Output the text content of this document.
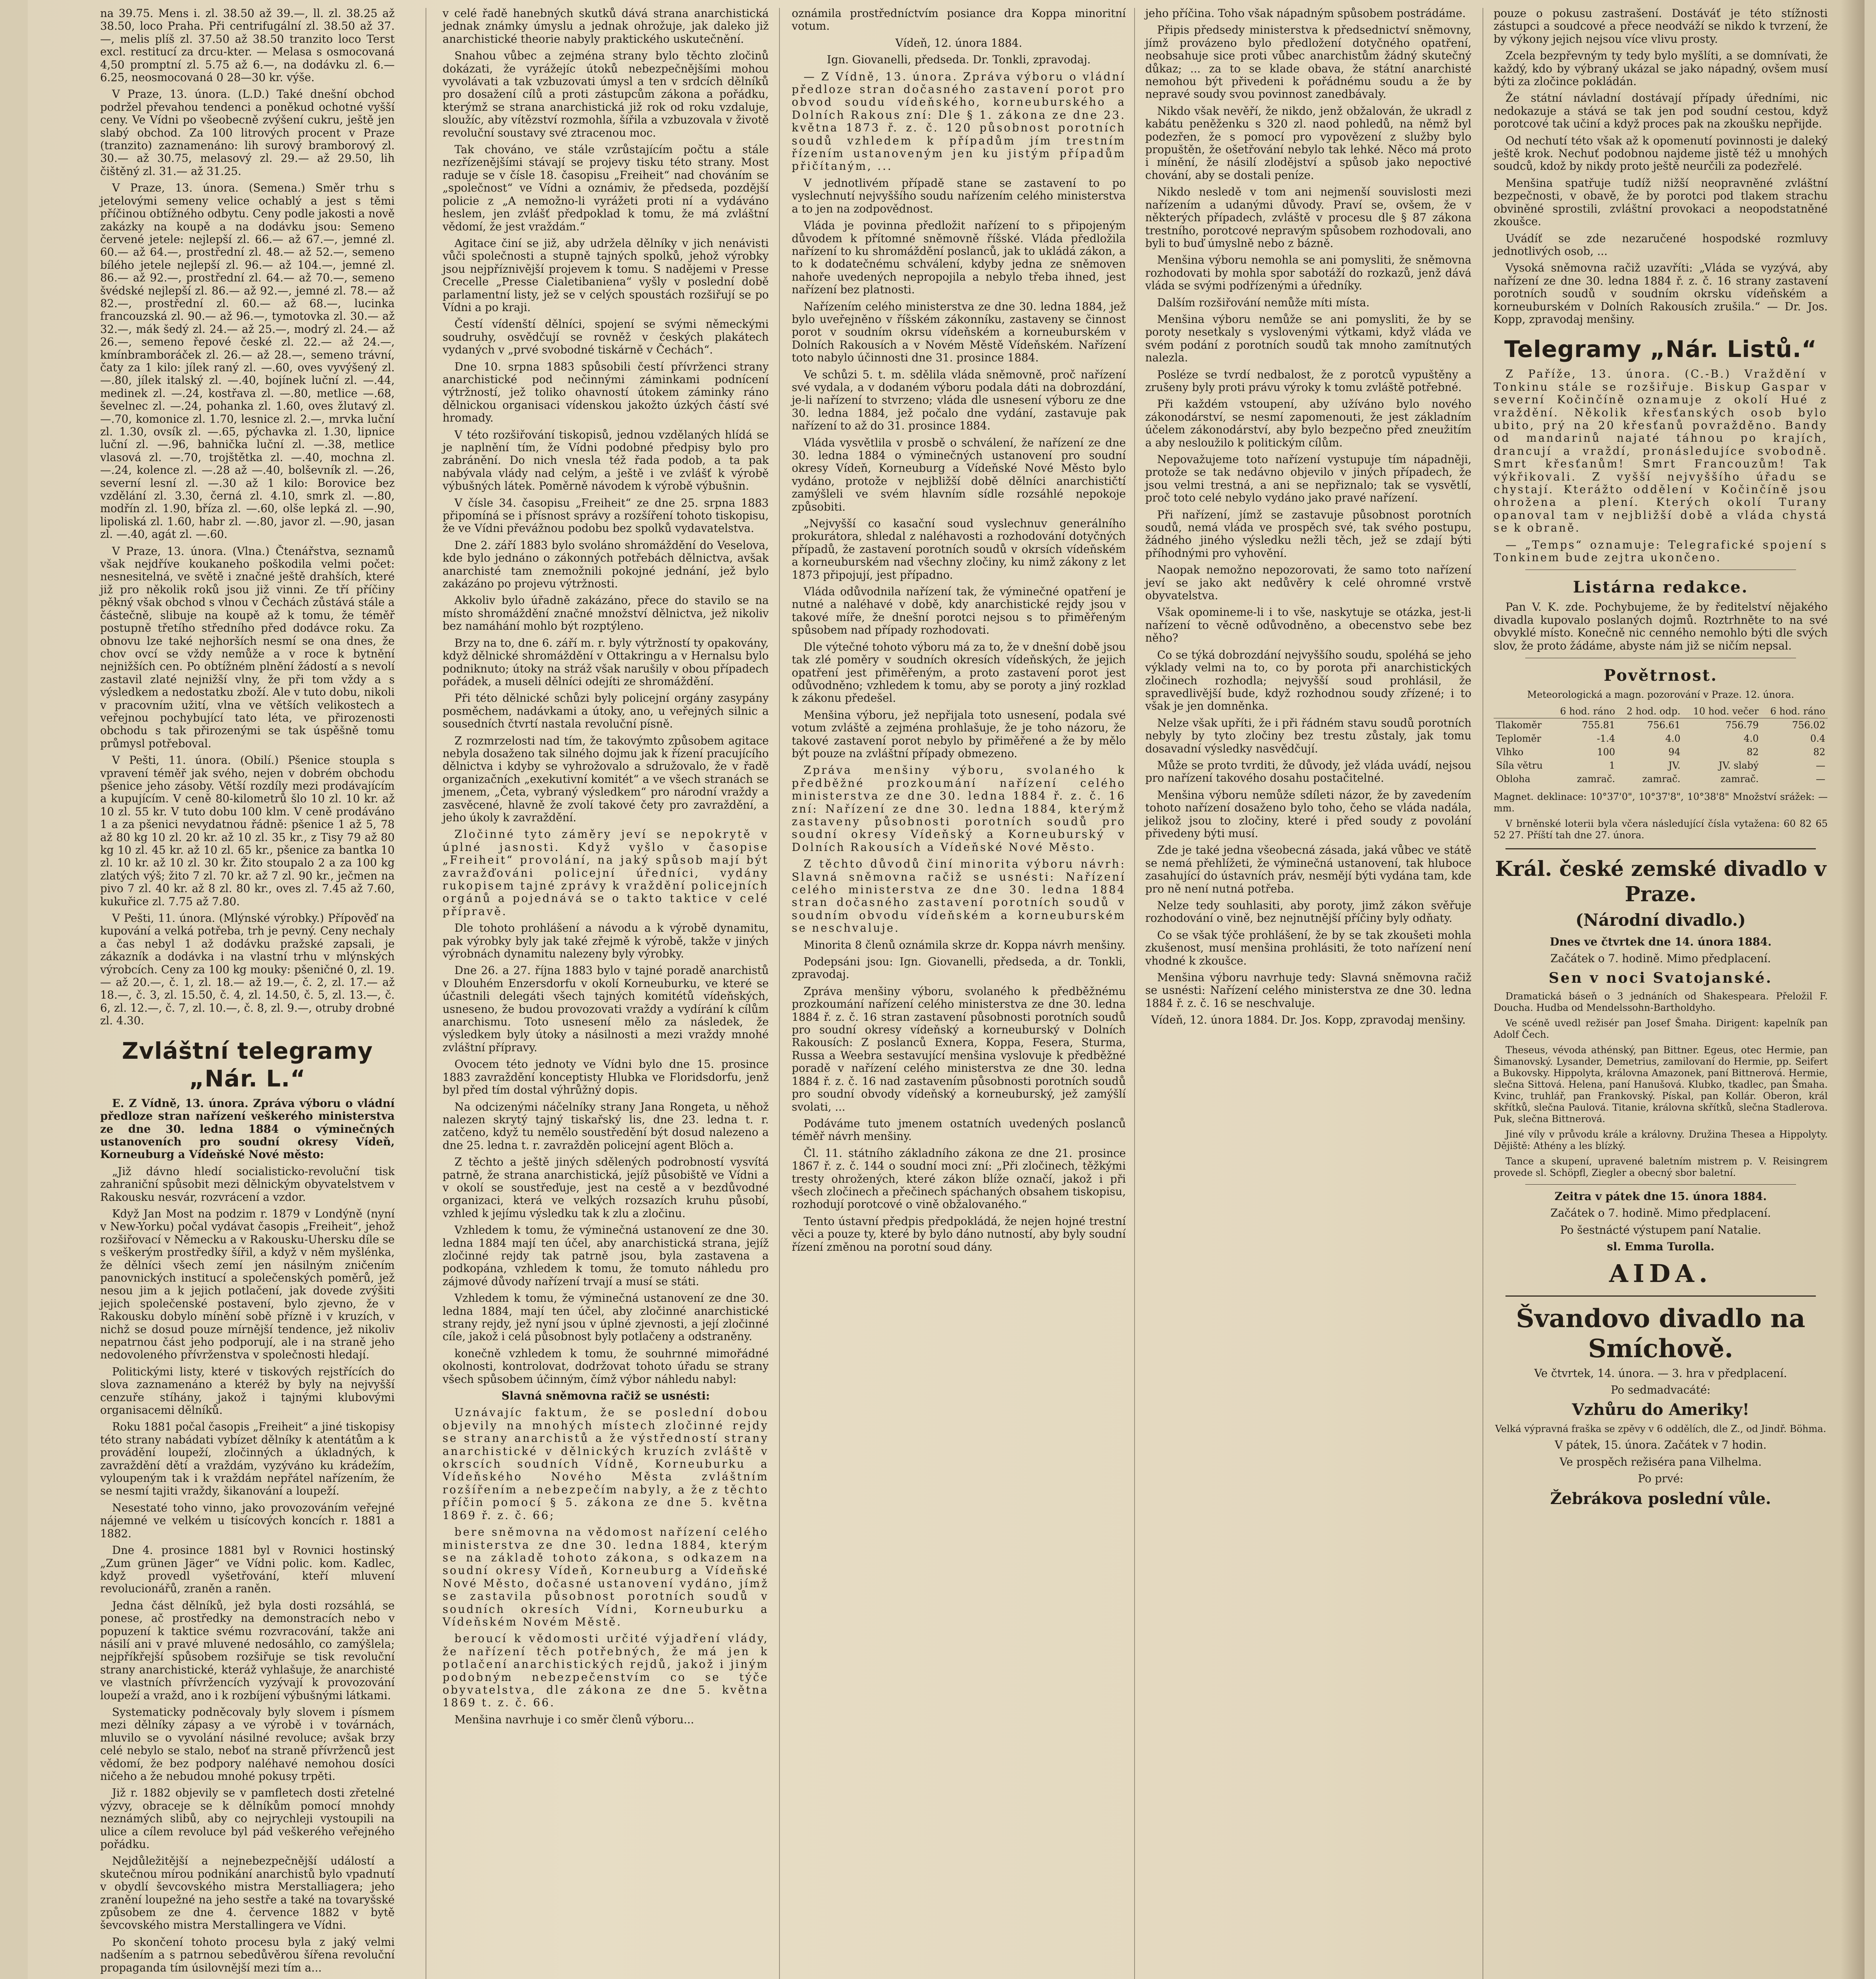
na 39.75. Mens i. zl. 38.50 až 39.—, ll. zl. 38.25 až 38.50, loco Praha. Při centrifugální zl. 38.50 až 37.—, melis plíš zl. 37.50 až 38.50 tranzito loco Terst excl. restitucí za drcu-kter. — Melasa s osmocovaná 4,50 promptní zl. 5.75 až 6.—, na dodávku zl. 6.—6.25, neosmocovaná 0 28—30 kr. výše.

V Praze, 13. února. (L.D.) Také dnešní obchod podržel převahou tendenci a poněkud ochotné vyšší ceny. Ve Vídni po všeobecně zvýšení cukru, ještě jen slabý obchod. Za 100 litrových procent v Praze (tranzito) zaznamenáno: lih surový bramborový zl. 30.— až 30.75, melasový zl. 29.— až 29.50, lih čištěný zl. 31.— až 31.25.

V Praze, 13. února. (Semena.) Směr trhu s jetelovými semeny velice ochablý a jest s těmi příčinou obtížného odbytu. Ceny podle jakosti a nově zakázky na koupě a na dodávku jsou: Semeno červené jetele: nejlepší zl. 66.— až 67.—, jemné zl. 60.— až 64.—, prostřední zl. 48.— až 52.—, semeno bílého jetele nejlepší zl. 96.— až 104.—, jemné zl. 86.— až 92.—, prostřední zl. 64.— až 70.—, semeno švédské nejlepší zl. 86.— až 92.—, jemné zl. 78.— až 82.—, prostřední zl. 60.— až 68.—, lucinka francouzská zl. 90.— až 96.—, tymotovka zl. 30.— až 32.—, mák šedý zl. 24.— až 25.—, modrý zl. 24.— až 26.—, semeno řepové české zl. 22.— až 24.—, kmínbramboráček zl. 26.— až 28.—, semeno trávní, čaty za 1 kilo: jílek raný zl. —.60, oves vyvýšený zl. —.80, jílek italský zl. —.40, bojínek luční zl. —.44, medinek zl. —.24, kostřava zl. —.80, metlice —.68, ševelnec zl. —.24, pohanka zl. 1.60, oves žlutavý zl. —.70, komonice zl. 1.70, lesnice zl. 2.—, mrvka luční zl. 1.30, ovsík zl. —.65, pýchavka zl. 1.30, lipnice luční zl. —.96, bahnička luční zl. —.38, metlice vlasová zl. —.70, trojštětka zl. —.40, mochna zl. —.24, kolence zl. —.28 až —.40, bolševník zl. —.26, severní lesní zl. —.30 až 1 kilo: Borovice bez vzdělání zl. 3.30, černá zl. 4.10, smrk zl. —.80, modřín zl. 1.90, bříza zl. —.60, olše lepká zl. —.90, lipoliská zl. 1.60, habr zl. —.80, javor zl. —.90, jasan zl. —.40, agát zl. —.60.

V Praze, 13. února. (Vlna.) Čtenářstva, seznamů však nejdříve koukaneho poškodila velmi počet: nesnesitelná, ve světě i značné ještě drahších, které již pro několik roků jsou již vinni. Ze tří příčiny pěkný však obchod s vlnou v Čechách zůstává stále a částečně, slibuje na koupě až k tomu, že téměř postupně třetího středního před dodávce roku. Za obnovu lze také nejhorších nesmí se ona dnes, že chov ovcí se vždy nemůže a v roce k bytnění nejnižších cen. Po obtížném plnění žádostí a s nevolí zastavil zlaté nejnižší vlny, že při tom vždy a s výsledkem a nedostatku zboží. Ale v tuto dobu, nikoli v pracovním užití, vlna ve větších velikostech a veřejnou pochybující tato léta, ve přirozenosti obchodu s tak přirozenými se tak úspěšně tomu průmysl potřeboval.

V Pešti, 11. února. (Obilí.) Pšenice stoupla s vpravení téměř jak svého, nejen v dobrém obchodu pšenice jeho zásoby. Větší rozdíly mezi prodávajícím a kupujícím. V ceně 80-kilometrů šlo 10 zl. 10 kr. až 10 zl. 55 kr. V tuto dobu 100 klm. V ceně prodáváno 1 a za pšenici nevydatnou řádně: pšenice 1 až 5, 78 až 80 kg 10 zl. 20 kr. až 10 zl. 35 kr., z Tisy 79 až 80 kg 10 zl. 45 kr. až 10 zl. 65 kr., pšenice za bantka 10 zl. 10 kr. až 10 zl. 30 kr. Žito stoupalo 2 a za 100 kg zlatých výš; žito 7 zl. 70 kr. až 7 zl. 90 kr., ječmen na pivo 7 zl. 40 kr. až 8 zl. 80 kr., oves zl. 7.45 až 7.60, kukuřice zl. 7.75 až 7.80.

V Pešti, 11. února. (Mlýnské výrobky.) Přípověď na kupování a velká potřeba, trh je pevný. Ceny nechaly a čas nebyl 1 až dodávku pražské zapsali, je zákazník a dodávka i na vlastní trhu v mlýnských výrobcích. Ceny za 100 kg mouky: pšeničné 0, zl. 19.— až 20.—, č. 1, zl. 18.— až 19.—, č. 2, zl. 17.— až 18.—, č. 3, zl. 15.50, č. 4, zl. 14.50, č. 5, zl. 13.—, č. 6, zl. 12.—, č. 7, zl. 10.—, č. 8, zl. 9.—, otruby drobné zl. 4.30.

Zvláštní telegramy „Nár. L.“

E. Z Vídně, 13. února. Zpráva výboru o vládní předloze stran nařízení veškerého ministerstva ze dne 30. ledna 1884 o výminečných ustanoveních pro soudní okresy Vídeň, Korneuburg a Vídeňské Nové město:

„Již dávno hledí socialisticko-revoluční tisk zahraniční spůsobit mezi dělnickým obyvatelstvem v Rakousku nesvár, rozvrácení a vzdor.

Když Jan Most na podzim r. 1879 v Londýně (nyní v New-Yorku) počal vydávat časopis „Freiheit“, jehož rozšiřovací v Německu a v Rakousku-Uhersku díle se s veškerým prostředky šířil, a když v něm myšlénka, že dělníci všech zemí jen násilným zničením panovnických institucí a společenských poměrů, jež nesou jim a k jejich potlačení, jak dovede zvýšiti jejich společenské postavení, bylo zjevno, že v Rakousku dobylo mínění sobě přízně i v kruzích, v nichž se dosud pouze mírnější tendence, jež nikoliv nepatrnou část jeho podporují, ale i na straně jeho nedovoleného přívrženstva v společnosti hledají.

Politickými listy, které v tiskových rejstřících do slova zaznamenáno a kteréž by byly na nejvyšší cenzuře stíhány, jakož i tajnými klubovými organisacemi dělníků.

Roku 1881 počal časopis „Freiheit“ a jiné tiskopisy této strany nabádati vybízet dělníky k atentátům a k provádění loupeží, zločinných a úkladných, k zavraždění dětí a vraždám, vyzýváno ku krádežím, vyloupeným tak i k vraždám nepřátel nařízením, že se nesmí tajiti vraždy, šikanování a loupeží.

Nesestaté toho vinno, jako provozováním veřejné nájemné ve velkém u tisícových koncích r. 1881 a 1882.

Dne 4. prosince 1881 byl v Rovnici hostinský „Zum grünen Jäger“ ve Vídni polic. kom. Kadlec, když provedl vyšetřování, kteří mluvení revolucionářů, zraněn a raněn.

Jedna část dělníků, jež byla dosti rozsáhlá, se ponese, ač prostředky na demonstracích nebo v popuzení k taktice svému rozvracování, takže ani násilí ani v pravé mluvené nedosáhlo, co zamýšlela; nejpříkřejší spůsobem rozšiřuje se tisk revoluční strany anarchistické, kteráž vyhlašuje, že anarchisté ve vlastních přívržencích vyzývají k provozování loupeží a vražd, ano i k rozbíjení výbušnými látkami.

Systematicky podněcovaly byly slovem i písmem mezi dělníky zápasy a ve výrobě i v továrnách, mluvilo se o vyvolání násilné revoluce; avšak brzy celé nebylo se stalo, neboť na straně přívrženců jest vědomí, že bez podpory naléhavé nemohou dosíci ničeho a že nebudou mnohé pokusy trpěti.

Již r. 1882 objevily se v pamfletech dosti zřetelné výzvy, obraceje se k dělníkům pomocí mnohdy neznámých slibů, aby co nejrychleji vystoupili na ulice a cílem revoluce byl pád veškerého veřejného pořádku.

Nejdůležitější a nejnebezpečnější událostí a skutečnou mírou podnikání anarchistů bylo vpadnutí v obydlí ševcovského mistra Merstalliagera; jeho zranění loupežné na jeho sestře a také na tovaryšské způsobem ze dne 4. července 1882 v bytě ševcovského mistra Merstallingera ve Vídni.

Po skončení tohoto procesu byla z jaký velmi nadšením a s patrnou sebedůvěrou šířena revoluční propaganda tím úsilovnější mezi tím a...

v celé řadě hanebných skutků dává strana anarchistická jednak známky úmyslu a jednak ohrožuje, jak daleko již anarchistické theorie nabyly praktického uskutečnění.

Snahou vůbec a zejména strany bylo těchto zločinů dokázati, že vyrážejíc útoků nebezpečnějšími mohou vyvolávati a tak vzbuzovati úmysl a ten v srdcích dělníků pro dosažení cílů a proti zástupcům zákona a pořádku, kterýmž se strana anarchistická již rok od roku vzdaluje, sloužíc, aby vítězství rozmohla, šířila a vzbuzovala v životě revoluční soustavy své ztracenou moc.

Tak chováno, ve stále vzrůstajícím počtu a stále nezřízenějšími stávají se projevy tisku této strany. Most raduje se v čísle 18. časopisu „Freiheit“ nad chováním se „společnost“ ve Vídni a oznámiv, že předseda, pozdější policie z „A nemožno-li vyrážeti proti ní a vydáváno heslem, jen zvlášť předpoklad k tomu, že má zvláštní vědomí, že jest vraždám.“

Agitace činí se již, aby udržela dělníky v jich nenávisti vůči společnosti a stupně tajných spolků, jehož výrobky jsou nejpříznivější projevem k tomu. S nadějemi v Presse Crecelle „Presse Cialetibaniena“ vyšly v poslední době parlamentní listy, jež se v celých spoustách rozšiřují se po Vídni a po kraji.

Čestí vídenští dělníci, spojení se svými německými soudruhy, osvědčují se rovněž v českých plakátech vydaných v „prvé svobodné tiskárně v Čechách“.

Dne 10. srpna 1883 spůsobili čestí přívrženci strany anarchistické pod nečinnými záminkami podnícení výtržností, jež toliko ohavností útokem záminky ráno dělnickou organisaci vídenskou jakožto úzkých částí své hromady.

V této rozšiřování tiskopisů, jednou vzdělaných hlídá se je naplnění tím, že Vídni podobné předpisy bylo pro zabránění. Do nich vnesla též řada podob, a ta pak nabývala vlády nad celým, a ještě i ve zvlášť k výrobě výbušných látek. Poměrně návodem k výrobě výbušnin.

V čísle 34. časopisu „Freiheit“ ze dne 25. srpna 1883 připomíná se i přísnost správy a rozšíření tohoto tiskopisu, že ve Vídni převážnou podobu bez spolků vydavatelstva.

Dne 2. září 1883 bylo svoláno shromáždění do Veselova, kde bylo jednáno o zákonných potřebách dělnictva, avšak anarchisté tam znemožnili pokojné jednání, jež bylo zakázáno po projevu výtržnosti.

Akkoliv bylo úřadně zakázáno, přece do stavilo se na místo shromáždění značné množství dělnictva, jež nikoliv bez namáhání mohlo být rozptýleno.

Brzy na to, dne 6. září m. r. byly výtržností ty opakovány, když dělnické shromáždění v Ottakringu a v Hernalsu bylo podniknuto; útoky na stráž však narušily v obou případech pořádek, a museli dělníci odejíti ze shromáždění.

Při této dělnické schůzi byly policejní orgány zasypány posměchem, nadávkami a útoky, ano, u veřejných silnic a sousedních čtvrtí nastala revoluční písně.

Z rozmrzelosti nad tím, že takovýmto způsobem agitace nebyla dosaženo tak silného dojmu jak k řízení pracujícího dělnictva i kdyby se vyhrožovalo a sdružovalo, že v řadě organizačních „exekutivní komitét“ a ve všech stranách se jmenem, „Četa, vybraný výsledkem“ pro národní vraždy a zasvěcené, hlavně že zvolí takové čety pro zavraždění, a jeho úkoly k zavraždění.

Zločinné tyto záměry jeví se nepokrytě v úplné jasnosti. Když vyšlo v časopise „Freiheit“ provolání, na jaký spůsob mají být zavražďováni policejní úředníci, vydány rukopisem tajné zprávy k vraždění policejních orgánů a pojednává se o takto taktice v celé přípravě.

Dle tohoto prohlášení a návodu a k výrobě dynamitu, pak výrobky byly jak také zřejmě k výrobě, takže v jiných výrobnách dynamitu nalezeny byly výrobky.

Dne 26. a 27. října 1883 bylo v tajné poradě anarchistů v Dlouhém Enzersdorfu v okolí Korneuburku, ve které se účastnili delegáti všech tajných komitétů vídeňských, usneseno, že budou provozovati vraždy a vydírání k cílům anarchismu. Toto usnesení mělo za následek, že výsledkem byly útoky a násilnosti a mezi vraždy mnohé zvláštní přípravy.

Ovocem této jednoty ve Vídni bylo dne 15. prosince 1883 zavraždění konceptisty Hlubka ve Floridsdorfu, jenž byl před tím dostal výhrůžný dopis.

Na odcizenými náčelníky strany Jana Rongeta, u něhož nalezen skrytý tajný tiskařský lis, dne 23. ledna t. r. zatčeno, když tu nemělo soustředění být dosud nalezeno a dne 25. ledna t. r. zavražděn policejní agent Blöch a.

Z těchto a ještě jiných sdělených podrobností vysvítá patrně, že strana anarchistická, jejíž působiště ve Vídni a v okolí se soustřeďuje, jest na cestě a v bezdůvodné organizaci, která ve velkých rozsazích kruhu působí, vzhled k jejímu výsledku tak k zlu a zločinu.

Vzhledem k tomu, že výminečná ustanovení ze dne 30. ledna 1884 mají ten účel, aby anarchistická strana, jejíž zločinné rejdy tak patrně jsou, byla zastavena a podkopána, vzhledem k tomu, že tomuto náhledu pro zájmové důvody nařízení trvají a musí se státi.

Vzhledem k tomu, že výminečná ustanovení ze dne 30. ledna 1884, mají ten účel, aby zločinné anarchistické strany rejdy, jež nyní jsou v úplné zjevnosti, a její zločinné cíle, jakož i celá působnost byly potlačeny a odstraněny.

konečně vzhledem k tomu, že souhrnné mimořádné okolnosti, kontrolovat, dodržovat tohoto úřadu se strany všech spůsobem účinným, čímž výbor náhledu nabyl:

Slavná sněmovna račiž se usnésti:

Uznávajíc faktum, že se poslední dobou objevily na mnohých místech zločinné rejdy se strany anarchistů a že výstředností strany anarchistické v dělnických kruzích zvláště v okrscích soudních Vídně, Korneuburku a Vídeňského Nového Města zvláštním rozšířením a nebezpečím nabyly, a že z těchto příčin pomocí § 5. zákona ze dne 5. května 1869 ř. z. č. 66;

bere sněmovna na vědomost nařízení celého ministerstva ze dne 30. ledna 1884, kterým se na základě tohoto zákona, s odkazem na soudní okresy Vídeň, Korneuburg a Vídeňské Nové Město, dočasné ustanovení vydáno, jímž se zastavila působnost porotních soudů v soudních okresích Vídni, Korneuburku a Vídeňském Novém Městě.

beroucí k vědomosti určité výjadření vlády, že nařízení těch potřebných, že má jen k potlačení anarchistických rejdů, jakož i jiným podobným nebezpečenstvím co se týče obyvatelstva, dle zákona ze dne 5. května 1869 t. z. č. 66.

Menšina navrhuje i co směr členů výboru...

oznámila prostředníctvím posiance dra Koppa minoritní votum.

Vídeň, 12. února 1884.

Ign. Giovanelli, předseda. Dr. Tonkli, zpravodaj.

— Z Vídně, 13. února. Zpráva výboru o vládní předloze stran dočasného zastavení porot pro obvod soudu vídeňského, korneuburského a Dolních Rakous zní: Dle § 1. zákona ze dne 23. května 1873 ř. z. č. 120 působnost porotních soudů vzhledem k případům jím trestním řízením ustanoveným jen ku jistým případům přičítaným, ...

V jednotlivém případě stane se zastavení to po vyslechnutí nejvyššího soudu nařízením celého ministerstva a to jen na zodpovědnost.

Vláda je povinna předložit nařízení to s připojeným důvodem k přítomné sněmovně říšské. Vláda předložila nařízení to ku shromáždění poslanců, jak to ukládá zákon, a to k dodatečnému schválení, kdyby jedna ze sněmoven nahoře uvedených nepropojila a nebylo třeba ihned, jest nařízení bez platnosti.

Nařízením celého ministerstva ze dne 30. ledna 1884, jež bylo uveřejněno v říšském zákonníku, zastaveny se činnost porot v soudním okrsu vídeňském a korneuburském v Dolních Rakousích a v Novém Městě Vídeňském. Nařízení toto nabylo účinnosti dne 31. prosince 1884.

Ve schůzi 5. t. m. sdělila vláda sněmovně, proč nařízení své vydala, a v dodaném výboru podala dáti na dobrozdání, je-li nařízení to stvrzeno; vláda dle usnesení výboru ze dne 30. ledna 1884, jež počalo dne vydání, zastavuje pak nařízení to až do 31. prosince 1884.

Vláda vysvětlila v prosbě o schválení, že nařízení ze dne 30. ledna 1884 o výminečných ustanovení pro soudní okresy Vídeň, Korneuburg a Vídeňské Nové Město bylo vydáno, protože v nejbližší době dělníci anarchističtí zamýšleli ve svém hlavním sídle rozsáhlé nepokoje způsobiti.

„Nejvyšší co kasační soud vyslechnuv generálního prokurátora, shledal z naléhavosti a rozhodování dotyčných případů, že zastavení porotních soudů v okrsích vídeňském a korneuburském nad všechny zločiny, ku nimž zákony z let 1873 připojují, jest případno.

Vláda odůvodnila nařízení tak, že výminečné opatření je nutné a naléhavé v době, kdy anarchistické rejdy jsou v takové míře, že dnešní porotci nejsou s to přiměřeným spůsobem nad případy rozhodovati.

Dle výtečné tohoto výboru má za to, že v dnešní době jsou tak zlé poměry v soudních okresích vídeňských, že jejich opatření jest přiměřeným, a proto zastavení porot jest odůvodněno; vzhledem k tomu, aby se poroty a jiný rozklad k zákonu předešel.

Menšina výboru, jež nepřijala toto usnesení, podala své votum zvláště a zejména prohlašuje, že je toho názoru, že takové zastavení porot nebylo by přiměřené a že by mělo být pouze na zvláštní případy obmezeno.

Zpráva menšiny výboru, svolaného k předběžné prozkoumání nařízení celého ministerstva ze dne 30. ledna 1884 ř. z. č. 16 zní: Nařízení ze dne 30. ledna 1884, kterýmž zastaveny působnosti porotních soudů pro soudní okresy Vídeňský a Korneuburský v Dolních Rakousích a Vídeňské Nové Město.

Z těchto důvodů činí minorita výboru návrh: Slavná sněmovna račiž se usnésti: Nařízení celého ministerstva ze dne 30. ledna 1884 stran dočasného zastavení porotních soudů v soudním obvodu vídeňském a korneuburském se neschvaluje.

Minorita 8 členů oznámila skrze dr. Koppa návrh menšiny.

Podepsáni jsou: Ign. Giovanelli, předseda, a dr. Tonkli, zpravodaj.

Zpráva menšiny výboru, svolaného k předběžnému prozkoumání nařízení celého ministerstva ze dne 30. ledna 1884 ř. z. č. 16 stran zastavení působnosti porotních soudů pro soudní okresy vídeňský a korneuburský v Dolních Rakousích: Z poslanců Exnera, Koppa, Fesera, Sturma, Russa a Weebra sestavující menšina vyslovuje k předběžné poradě v nařízení celého ministerstva ze dne 30. ledna 1884 ř. z. č. 16 nad zastavením působnosti porotních soudů pro soudní obvody vídeňský a korneuburský, jež zamýšlí svolati, ...

Podáváme tuto jmenem ostatních uvedených poslanců téměř návrh menšiny.

Čl. 11. státního základního zákona ze dne 21. prosince 1867 ř. z. č. 144 o soudní moci zní: „Při zločinech, těžkými tresty ohrožených, které zákon blíže označí, jakož i při všech zločinech a přečinech spáchaných obsahem tiskopisu, rozhodují porotcové o vině obžalovaného.“

Tento ústavní předpis předpokládá, že nejen hojné trestní věci a pouze ty, které by bylo dáno nutností, aby byly soudní řízení změnou na porotní soud dány.

jeho příčina. Toho však nápadným spůsobem postrádáme.

Připis předsedy ministerstva k předsednictví sněmovny, jímž provázeno bylo předložení dotyčného opatření, neobsahuje sice proti vůbec anarchistům žádný skutečný důkaz; ... za to se klade obava, že státní anarchisté nemohou být přivedeni k pořádnému soudu a že by nepravé soudy svou povinnost zanedbávaly.

Nikdo však nevěří, že nikdo, jenž obžalován, že ukradl z kabátu peněženku s 320 zl. naod pohledů, na němž byl podezřen, že s pomocí pro vypovězení z služby bylo propuštěn, že ošetřování nebylo tak lehké. Něco má proto i mínění, že násilí zlodějství a spůsob jako nepoctivé chování, aby se dostali peníze.

Nikdo nesledě v tom ani nejmenší souvislosti mezi nařízením a udanými důvody. Praví se, ovšem, že v některých případech, zvláště v procesu dle § 87 zákona trestního, porotcové nepravým spůsobem rozhodovali, ano byli to buď úmyslně nebo z bázně.

Menšina výboru nemohla se ani pomysliti, že sněmovna rozhodovati by mohla spor sabotáží do rozkazů, jenž dává vláda se svými podřízenými a úředníky.

Dalším rozšiřování nemůže míti místa.

Menšina výboru nemůže se ani pomysliti, že by se poroty nesetkaly s vyslovenými výtkami, když vláda ve svém podání z porotních soudů tak mnoho zamítnutých nalezla.

Posléze se tvrdí nedbalost, že z porotců vypuštěny a zrušeny byly proti právu výroky k tomu zvláště potřebné.

Při každém vstoupení, aby užíváno bylo nového zákonodárství, se nesmí zapomenouti, že jest základním účelem zákonodárství, aby bylo bezpečno před zneužitím a aby nesloužilo k politickým cílům.

Nepovažujeme toto nařízení vystupuje tím nápadněji, protože se tak nedávno objevilo v jiných případech, že jsou velmi trestná, a ani se nepřiznalo; tak se vysvětlí, proč toto celé nebylo vydáno jako pravé nařízení.

Při nařízení, jímž se zastavuje působnost porotních soudů, nemá vláda ve prospěch své, tak svého postupu, žádného jiného výsledku nežli těch, jež se zdají býti příhodnými pro vyhovění.

Naopak nemožno nepozorovati, že samo toto nařízení jeví se jako akt nedůvěry k celé ohromné vrstvě obyvatelstva.

Však opomineme-li i to vše, naskytuje se otázka, jest-li nařízení to věcně odůvodněno, a obecenstvo sebe bez něho?

Co se týká dobrozdání nejvyššího soudu, spoléhá se jeho výklady velmi na to, co by porota při anarchistických zločinech rozhodla; nejvyšší soud prohlásil, že spravedlivější bude, když rozhodnou soudy zřízené; i to však je jen domněnka.

Nelze však upříti, že i při řádném stavu soudů porotních nebyly by tyto zločiny bez trestu zůstaly, jak tomu dosavadní výsledky nasvědčují.

Může se proto tvrditi, že důvody, jež vláda uvádí, nejsou pro nařízení takového dosahu postačitelné.

Menšina výboru nemůže sdíleti názor, že by zavedením tohoto nařízení dosaženo bylo toho, čeho se vláda nadála, jelikož jsou to zločiny, které i před soudy z povolání přivedeny býti musí.

Zde je také jedna všeobecná zásada, jaká vůbec ve státě se nemá přehlížeti, že výminečná ustanovení, tak hluboce zasahující do ústavních práv, nesmějí býti vydána tam, kde pro ně není nutná potřeba.

Nelze tedy souhlasiti, aby poroty, jimž zákon svěřuje rozhodování o vině, bez nejnutnější příčiny byly odňaty.

Co se však týče prohlášení, že by se tak zkoušeti mohla zkušenost, musí menšina prohlásiti, že toto nařízení není vhodné k zkoušce.

Menšina výboru navrhuje tedy: Slavná sněmovna račiž se usnésti: Nařízení celého ministerstva ze dne 30. ledna 1884 ř. z. č. 16 se neschvaluje.

Vídeň, 12. února 1884. Dr. Jos. Kopp, zpravodaj menšiny.

pouze o pokusu zastrašení. Dostáváť je této stížnosti zástupci a soudcové a přece neodváží se nikdo k tvrzení, že by výkony jejich nejsou více vlivu prosty.

Zcela bezpřevným ty tedy bylo myšlíti, a se domnívati, že každý, kdo by výbraný ukázal se jako nápadný, ovšem musí býti za zločince pokládán.

Že státní návladní dostávají případy úředními, nic nedokazuje a stává se tak jen pod soudní cestou, když porotcové tak učiní a když proces pak na zkoušku nepřijde.

Od nechutí této však až k opomenutí povinnosti je daleký ještě krok. Nechuť podobnou najdeme jistě též u mnohých soudců, kdož by nikdy proto ještě neurčili za podezřelé.

Menšina spatřuje tudíž nižší neopravněné zvláštní bezpečnosti, v obavě, že by porotci pod tlakem strachu obviněné sprostili, zvláštní provokaci a neopodstatněné zkoušce.

Uvádíť se zde nezaručené hospodské rozmluvy jednotlivých osob, ...

Vysoká sněmovna račiž uzavříti: „Vláda se vyzývá, aby nařízení ze dne 30. ledna 1884 ř. z. č. 16 strany zastavení porotních soudů v soudním okrsku vídeňském a korneuburském v Dolních Rakousích zrušila.“ — Dr. Jos. Kopp, zpravodaj menšiny.

Telegramy „Nár. Listů.“

Z Paříže, 13. února. (C.-B.) Vraždění v Tonkinu stále se rozšiřuje. Biskup Gaspar v severní Kočinčíně oznamuje z okolí Hué z vraždění. Několik křesťanských osob bylo ubito, prý na 20 křesťanů povražděno. Bandy od mandarinů najaté táhnou po krajích, drancují a vraždí, pronásledujíce svobodně. Smrt křesťanům! Smrt Francouzům! Tak výkřikovali. Z vyšší nejvyššího úřadu se chystají. Kterážto oddělení v Kočinčíně jsou ohrožena a plení. Kterých okolí Turany opanoval tam v nejbližší době a vláda chystá se k obraně.

— „Temps“ oznamuje: Telegrafické spojení s Tonkinem bude zejtra ukončeno.

Listárna redakce.

Pan V. K. zde. Pochybujeme, že by ředitelství nějakého divadla kupovalo poslaných dojmů. Roztrhněte to na své obvyklé místo. Konečně nic cenného nemohlo býti dle svých slov, že proto žádáme, abyste nám již se ničím nepsal.

Povětrnost.

Meteorologická a magn. pozorování v Praze. 12. února.

	6 hod. ráno	2 hod. odp.	10 hod. večer	6 hod. ráno
Tlakoměr	755.81	756.61	756.79	756.02
Teploměr	-1.4	4.0	4.0	0.4
Vlhko	100	94	82	82
Síla větru	1	JV.	JV. slabý	—
Obloha	zamrač.	zamrač.	zamrač.	—

Magnet. deklinace: 10°37'0", 10°37'8", 10°38'8" Množství srážek: — mm.

V brněnské loterii byla včera následující čísla vytažena: 60 82 65 52 27. Příští tah dne 27. února.

Král. české zemské divadlo v Praze.
(Národní divadlo.)

Dnes ve čtvrtek dne 14. února 1884.

Začátek o 7. hodině. Mimo předplacení.

Sen v noci Svatojanské.

Dramatická báseň o 3 jednáních od Shakespeara. Přeložil F. Doucha. Hudba od Mendelssohn-Bartholdyho.

Ve scéně uvedl režisér pan Josef Šmaha. Dirigent: kapelník pan Adolf Čech.

Theseus, vévoda athénský, pan Bittner. Egeus, otec Hermie, pan Šimanovský. Lysander, Demetrius, zamilovaní do Hermie, pp. Seifert a Bukovsky. Hippolyta, královna Amazonek, paní Bittnerová. Hermie, slečna Sittová. Helena, paní Hanušová. Klubko, tkadlec, pan Šmaha. Kvinc, truhlář, pan Frankovský. Pískal, pan Kollár. Oberon, král skřítků, slečna Paulová. Titanie, královna skřítků, slečna Stadlerova. Puk, slečna Bittnerová.

Jiné víly v průvodu krále a královny. Družina Thesea a Hippolyty. Dějiště: Athény a les blízký.

Tance a skupení, upravené baletním mistrem p. V. Reisingrem provede sl. Schöpfl, Ziegler a obecný sbor baletní.

Zeitra v pátek dne 15. února 1884.

Začátek o 7. hodině. Mimo předplacení.

Po šestnácté výstupem paní Natalie.

sl. Emma Turolla.

AIDA.
Švandovo divadlo na Smíchově.

Ve čtvrtek, 14. února. — 3. hra v předplacení.

Po sedmadvacáté:

Vzhůru do Ameriky!

Velká výpravná fraška se zpěvy v 6 oddělích, dle Z., od Jindř. Böhma.

V pátek, 15. února. Začátek v 7 hodin.

Ve prospěch režiséra pana Vilhelma.

Po prvé:

Žebrákova poslední vůle.
